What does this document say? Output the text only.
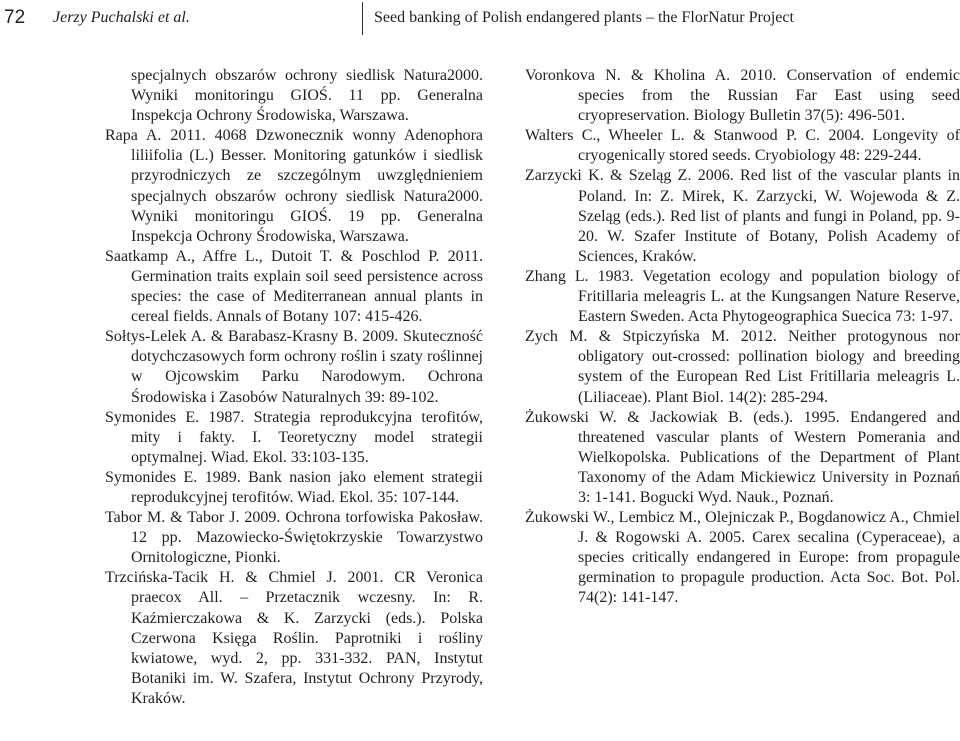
72 Jerzy Puchalski et al.	Seed banking of Polish endangered plants – the FlorNatur Project

specjalnych obszarów ochrony siedlisk Natura2000. Wyniki monitoringu GIOŚ. 11 pp. Generalna Inspekcja Ochrony Środowiska, Warszawa.

Rapa A. 2011. 4068 Dzwonecznik wonny Adenophora liliifolia (L.) Besser. Monitoring gatunków i siedlisk przyrodniczych ze szczególnym uwzględnieniem specjalnych obszarów ochrony siedlisk Natura2000. Wyniki monitoringu GIOŚ. 19 pp. Generalna Inspekcja Ochrony Środowiska, Warszawa.

Saatkamp A., Affre L., Dutoit T. & Poschlod P. 2011. Germination traits explain soil seed persistence across species: the case of Mediterranean annual plants in cereal fields. Annals of Botany 107: 415-426.

Sołtys-Lelek A. & Barabasz-Krasny B. 2009. Skuteczność dotychczasowych form ochrony roślin i szaty roślinnej w Ojcowskim Parku Narodowym. Ochrona Środowiska i Zasobów Naturalnych 39: 89-102.

Symonides E. 1987. Strategia reprodukcyjna terofitów, mity i fakty. I. Teoretyczny model strategii optymalnej. Wiad. Ekol. 33:103-135.

Symonides E. 1989. Bank nasion jako element strategii reprodukcyjnej terofitów. Wiad. Ekol. 35: 107-144.

Tabor M. & Tabor J. 2009. Ochrona torfowiska Pakosław. 12 pp. Mazowiecko-Świętokrzyskie Towarzystwo Ornitologiczne, Pionki.

Trzcińska-Tacik H. & Chmiel J. 2001. CR Veronica praecox All. – Przetacznik wczesny. In: R. Kaźmierczakowa & K. Zarzycki (eds.). Polska Czerwona Księga Roślin. Paprotniki i rośliny kwiatowe, wyd. 2, pp. 331-332. PAN, Instytut Botaniki im. W. Szafera, Instytut Ochrony Przyrody, Kraków.

Voronkova N. & Kholina A. 2010. Conservation of endemic species from the Russian Far East using seed cryopreservation. Biology Bulletin 37(5): 496-501.

Walters C., Wheeler L. & Stanwood P. C. 2004. Longevity of cryogenically stored seeds. Cryobiology 48: 229-244.

Zarzycki K. & Szeląg Z. 2006. Red list of the vascular plants in Poland. In: Z. Mirek, K. Zarzycki, W. Wojewoda & Z. Szeląg (eds.). Red list of plants and fungi in Poland, pp. 9-20. W. Szafer Institute of Botany, Polish Academy of Sciences, Kraków.

Zhang L. 1983. Vegetation ecology and population biology of Fritillaria meleagris L. at the Kungsangen Nature Reserve, Eastern Sweden. Acta Phytogeographica Suecica 73: 1-97.

Zych M. & Stpiczyńska M. 2012. Neither protogynous nor obligatory out-crossed: pollination biology and breeding system of the European Red List Fritillaria meleagris L. (Liliaceae). Plant Biol. 14(2): 285-294.

Żukowski W. & Jackowiak B. (eds.). 1995. Endangered and threatened vascular plants of Western Pomerania and Wielkopolska. Publications of the Department of Plant Taxonomy of the Adam Mickiewicz University in Poznań 3: 1-141. Bogucki Wyd. Nauk., Poznań.

Żukowski W., Lembicz M., Olejniczak P., Bogdanowicz A., Chmiel J. & Rogowski A. 2005. Carex secalina (Cyperaceae), a species critically endangered in Europe: from propagule germination to propagule production. Acta Soc. Bot. Pol. 74(2): 141-147.
